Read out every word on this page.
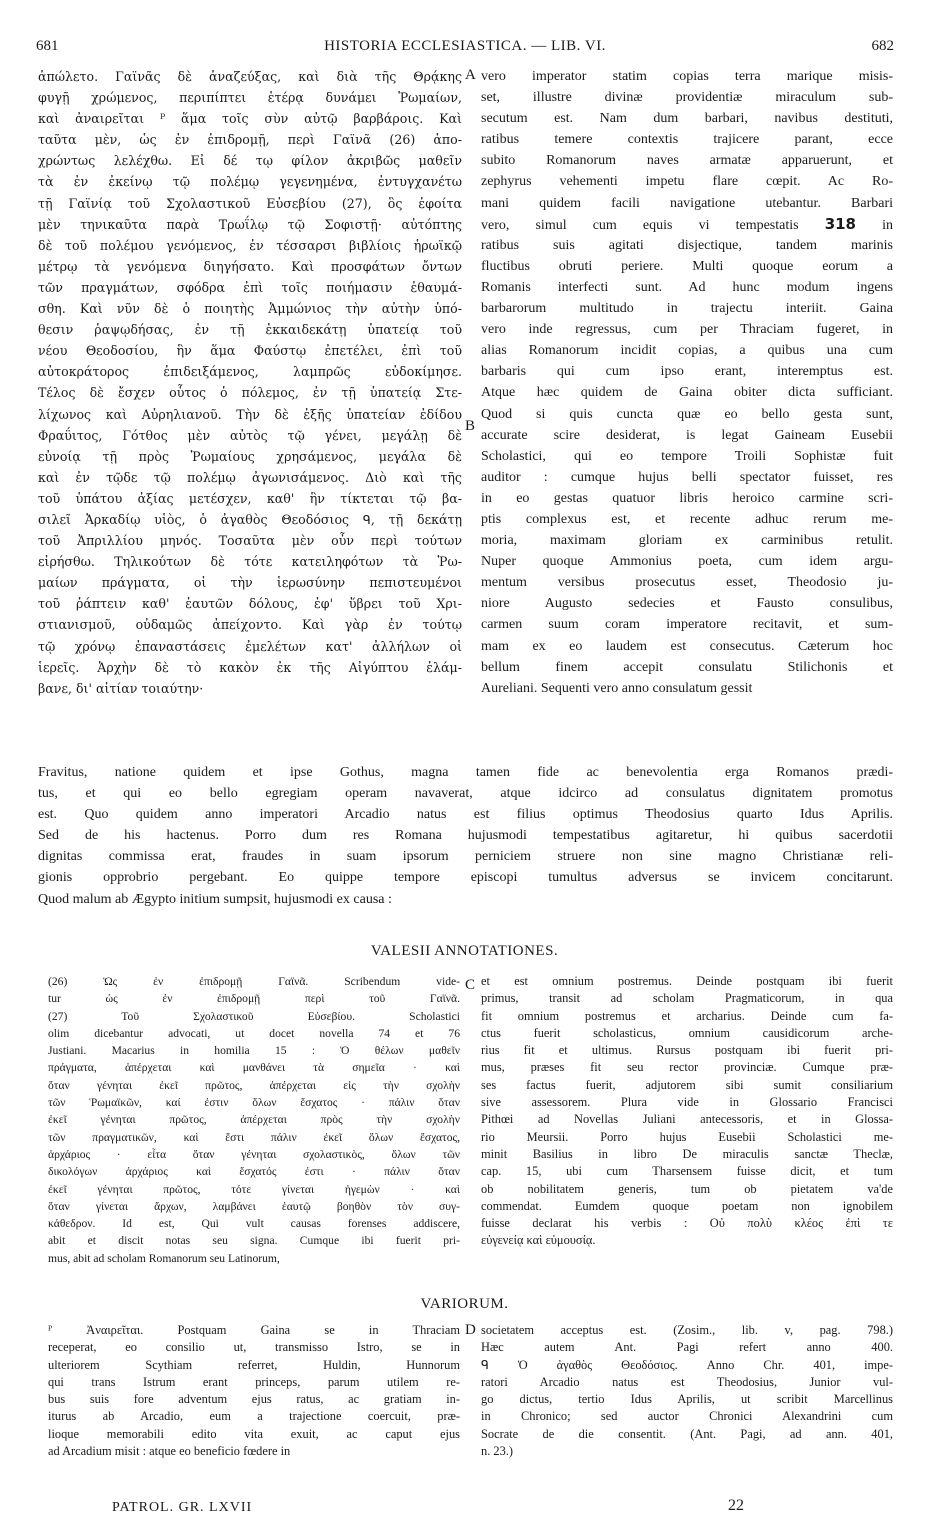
681	HISTORIA ECCLESIASTICA. — LIB. VI.	682
ἀπώλετο. Γαϊνᾶς δὲ ἀναζεύξας, καὶ διὰ τῆς Θρᾴκης
φυγῇ χρώμενος, περιπίπτει ἑτέρᾳ δυνάμει Ῥωμαίων,
καὶ ἀναιρεῖται ᴾ ἅμα τοῖς σὺν αὐτῷ βαρβάροις. Καὶ
ταῦτα μὲν, ὡς ἐν ἐπιδρομῇ, περὶ Γαϊνᾶ (26) ἀπο-
χρώντως λελέχθω. Εἰ δέ τῳ φίλον ἀκριβῶς μαθεῖν
τὰ ἐν ἐκείνῳ τῷ πολέμῳ γεγενημένα, ἐντυγχανέτω
τῇ Γαϊνίᾳ τοῦ Σχολαστικοῦ Εὐσεβίου (27), ὃς ἐφοίτα
μὲν τηνικαῦτα παρὰ Τρωΐλῳ τῷ Σοφιστῇ· αὐτόπτης
δὲ τοῦ πολέμου γενόμενος, ἐν τέσσαρσι βιβλίοις ἡρωϊκῷ
μέτρῳ τὰ γενόμενα διηγήσατο. Καὶ προσφάτων ὄντων
τῶν πραγμάτων, σφόδρα ἐπὶ τοῖς ποιήμασιν ἐθαυμά-
σθη. Καὶ νῦν δὲ ὁ ποιητὴς Ἀμμώνιος τὴν αὐτὴν ὑπό-
θεσιν ῥαψῳδήσας, ἐν τῇ ἑκκαιδεκάτῃ ὑπατείᾳ τοῦ
νέου Θεοδοσίου, ἣν ἅμα Φαύστῳ ἐπετέλει, ἐπὶ τοῦ
αὐτοκράτορος ἐπιδειξάμενος, λαμπρῶς εὐδοκίμησε.
Τέλος δὲ ἔσχεν οὗτος ὁ πόλεμος, ἐν τῇ ὑπατείᾳ Στε-
λίχωνος καὶ Αὐρηλιανοῦ. Τὴν δὲ ἑξῆς ὑπατείαν ἐδίδου
Φραΰιτος, Γότθος μὲν αὐτὸς τῷ γένει, μεγάλῃ δὲ
εὐνοίᾳ τῇ πρὸς Ῥωμαίους χρησάμενος, μεγάλα δὲ
καὶ ἐν τῷδε τῷ πολέμῳ ἀγωνισάμενος. Διὸ καὶ τῆς
τοῦ ὑπάτου ἀξίας μετέσχεν, καθ' ἣν τίκτεται τῷ βα-
σιλεῖ Ἀρκαδίῳ υἱὸς, ὁ ἀγαθὸς Θεοδόσιος ᑫ, τῇ δεκάτῃ
τοῦ Ἀπριλλίου μηνός. Τοσαῦτα μὲν οὖν περὶ τούτων
εἰρήσθω. Τηλικούτων δὲ τότε κατειληφότων τὰ Ῥω-
μαίων πράγματα, οἱ τὴν ἱερωσύνην πεπιστευμένοι
τοῦ ῥάπτειν καθ' ἑαυτῶν δόλους, ἐφ' ὕβρει τοῦ Χρι-
στιανισμοῦ, οὐδαμῶς ἀπείχοντο. Καὶ γὰρ ἐν τούτῳ
τῷ χρόνῳ ἐπαναστάσεις ἐμελέτων κατ' ἀλλήλων οἱ
ἱερεῖς. Ἀρχὴν δὲ τὸ κακὸν ἐκ τῆς Αἰγύπτου ἐλάμ-
βανε, δι' αἰτίαν τοιαύτην·
vero imperator statim copias terra marique misis-
set, illustre divinæ providentiæ miraculum sub-
secutum est. Nam dum barbari, navibus destituti,
ratibus temere contextis trajicere parant, ecce
subito Romanorum naves armatæ apparuerunt, et
zephyrus vehementi impetu flare cœpit. Ac Ro-
mani quidem facili navigatione utebantur. Barbari
vero, simul cum equis vi tempestatis 318 in
ratibus suis agitati disjectique, tandem marinis
fluctibus obruti periere. Multi quoque eorum a
Romanis interfecti sunt. Ad hunc modum ingens
barbarorum multitudo in trajectu interiit. Gaina
vero inde regressus, cum per Thraciam fugeret, in
alias Romanorum incidit copias, a quibus una cum
barbaris qui cum ipso erant, interemptus est.
Atque hæc quidem de Gaina obiter dicta sufficiant.
Quod si quis cuncta quæ eo bello gesta sunt,
accurate scire desiderat, is legat Gaineam Eusebii
Scholastici, qui eo tempore Troili Sophistæ fuit
auditor : cumque hujus belli spectator fuisset, res
in eo gestas quatuor libris heroico carmine scri-
ptis complexus est, et recente adhuc rerum me-
moria, maximam gloriam ex carminibus retulit.
Nuper quoque Ammonius poeta, cum idem argu-
mentum versibus prosecutus esset, Theodosio ju-
niore Augusto sedecies et Fausto consulibus,
carmen suum coram imperatore recitavit, et sum-
mam ex eo laudem est consecutus. Cæterum hoc
bellum finem accepit consulatu Stilichonis et
Aureliani. Sequenti vero anno consulatum gessit
A
B
C
D
Fravitus, natione quidem et ipse Gothus, magna tamen fide ac benevolentia erga Romanos prædi-
tus, et qui eo bello egregiam operam navaverat, atque idcirco ad consulatus dignitatem promotus
est. Quo quidem anno imperatori Arcadio natus est filius optimus Theodosius quarto Idus Aprilis.
Sed de his hactenus. Porro dum res Romana hujusmodi tempestatibus agitaretur, hi quibus sacerdotii
dignitas commissa erat, fraudes in suam ipsorum perniciem struere non sine magno Christianæ reli-
gionis opprobrio pergebant. Eo quippe tempore episcopi tumultus adversus se invicem concitarunt.
Quod malum ab Ægypto initium sumpsit, hujusmodi ex causa :
VALESII ANNOTATIONES.
(26) Ὡς ἐν ἐπιδρομῇ Γαϊνᾶ. Scribendum vide-
tur ὡς ἐν ἐπιδρομῇ περὶ τοῦ Γαϊνᾶ.
(27) Τοῦ Σχολαστικοῦ Εὐσεβίου. Scholastici
olim dicebantur advocati, ut docet novella 74 et 76
Justiani. Macarius in homilia 15 : Ὁ θέλων μαθεῖν
πράγματα, ἀπέρχεται καὶ μανθάνει τὰ σημεῖα · καὶ
ὅταν γένηται ἐκεῖ πρῶτος, ἀπέρχεται εἰς τὴν σχολὴν
τῶν Ῥωμαϊκῶν, καί ἐστιν ὅλων ἔσχατος · πάλιν ὅταν
ἐκεῖ γένηται πρῶτος, ἀπέρχεται πρὸς τὴν σχολὴν
τῶν πραγματικῶν, καὶ ἔστι πάλιν ἐκεῖ ὅλων ἔσχατος,
ἀρχάριος · εἶτα ὅταν γένηται σχολαστικὸς, ὅλων τῶν
δικολόγων ἀρχάριος καὶ ἔσχατός ἐστι · πάλιν ὅταν
ἐκεῖ γένηται πρῶτος, τότε γίνεται ἡγεμὼν · καὶ
ὅταν γίνεται ἄρχων, λαμβάνει ἑαυτῷ βοηθὸν τὸν συγ-
κάθεδρον. Id est, Qui vult causas forenses addiscere,
abit et discit notas seu signa. Cumque ibi fuerit pri-
mus, abit ad scholam Romanorum seu Latinorum,
et est omnium postremus. Deinde postquam ibi fuerit
primus, transit ad scholam Pragmaticorum, in qua
fit omnium postremus et archarius. Deinde cum fa-
ctus fuerit scholasticus, omnium causidicorum arche-
rius fit et ultimus. Rursus postquam ibi fuerit pri-
mus, præses fit seu rector provinciæ. Cumque præ-
ses factus fuerit, adjutorem sibi sumit consiliarium
sive assessorem. Plura vide in Glossario Francisci
Pithœi ad Novellas Juliani antecessoris, et in Glossa-
rio Meursii. Porro hujus Eusebii Scholastici me-
minit Basilius in libro De miraculis sanctæ Theclæ,
cap. 15, ubi cum Tharsensem fuisse dicit, et tum
ob nobilitatem generis, tum ob pietatem va'de
commendat. Eumdem quoque poetam non ignobilem
fuisse declarat his verbis : Οὐ πολὺ κλέος ἐπὶ τε
εὐγενείᾳ καὶ εὐμουσίᾳ.
VARIORUM.
ᴾ Ἀναιρεῖται. Postquam Gaina se in Thraciam
receperat, eo consilio ut, transmisso Istro, se in
ulteriorem Scythiam referret, Huldin, Hunnorum
qui trans Istrum erant princeps, parum utilem re-
bus suis fore adventum ejus ratus, ac gratiam in-
iturus ab Arcadio, eum a trajectione coercuit, præ-
lioque memorabili edito vita exuit, ac caput ejus
ad Arcadium misit : atque eo beneficio fœdere in
societatem acceptus est. (Zosim., lib. v, pag. 798.)
Hæc autem Ant. Pagi refert anno 400.
ᑫ Ὁ ἀγαθὸς Θεοδόσιος. Anno Chr. 401, impe-
ratori Arcadio natus est Theodosius, Junior vul-
go dictus, tertio Idus Aprilis, ut scribit Marcellinus
in Chronico; sed auctor Chronici Alexandrini cum
Socrate de die consentit. (Ant. Pagi, ad ann. 401,
n. 23.)
PATROL. GR. LXVII	22
